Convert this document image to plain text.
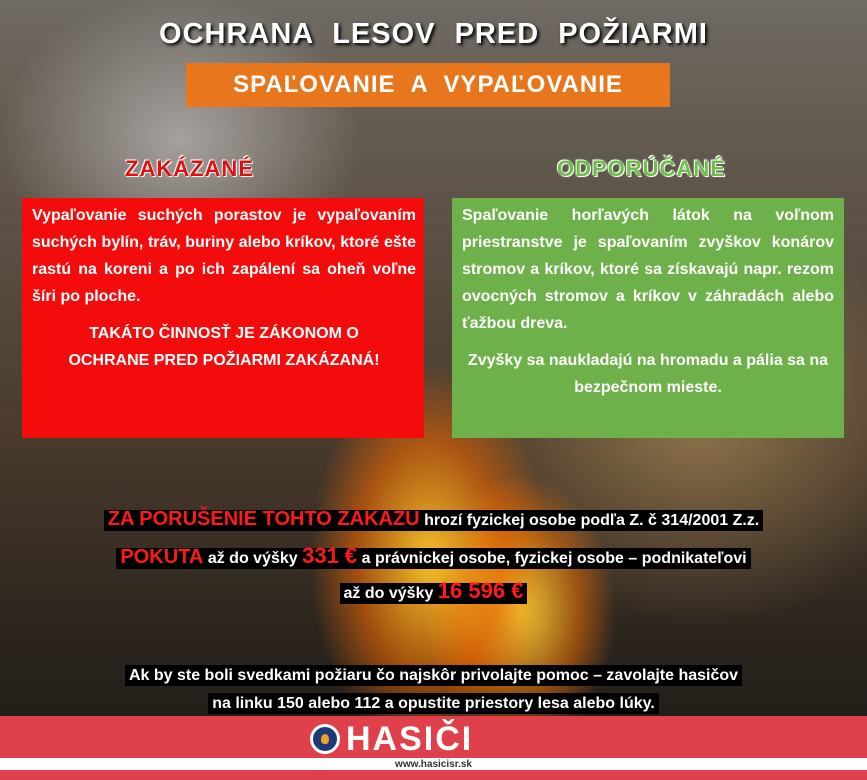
OCHRANA LESOV PRED POŽIARMI
SPAĽOVANIE A VYPAĽOVANIE
ZAKÁZANÉ	ODPORÚČANÉ

Vypaľovanie suchých porastov je vypaľovaním suchých bylín, tráv, buriny alebo kríkov, ktoré ešte rastú na koreni a po ich zapálení sa oheň voľne šíri po ploche.

TAKÁTO ČINNOSŤ JE ZÁKONOM O OCHRANE PRED POŽIARMI ZAKÁZANÁ!

Spaľovanie horľavých látok na voľnom priestranstve je spaľovaním zvyškov konárov stromov a kríkov, ktoré sa získavajú napr. rezom ovocných stromov a kríkov v záhradách alebo ťažbou dreva.

Zvyšky sa naukladajú na hromadu a pália sa na bezpečnom mieste.

ZA PORUŠENIE TOHTO ZÁKAZU hrozí fyzickej osobe podľa Z. č 314/2001 Z.z.
POKUTA až do výšky 331 € a právnickej osobe, fyzickej osobe – podnikateľovi
až do výšky 16 596 €
Ak by ste boli svedkami požiaru čo najskôr privolajte pomoc – zavolajte hasičov
na linku 150 alebo 112 a opustite priestory lesa alebo lúky.
HASIČI
www.hasicisr.sk
